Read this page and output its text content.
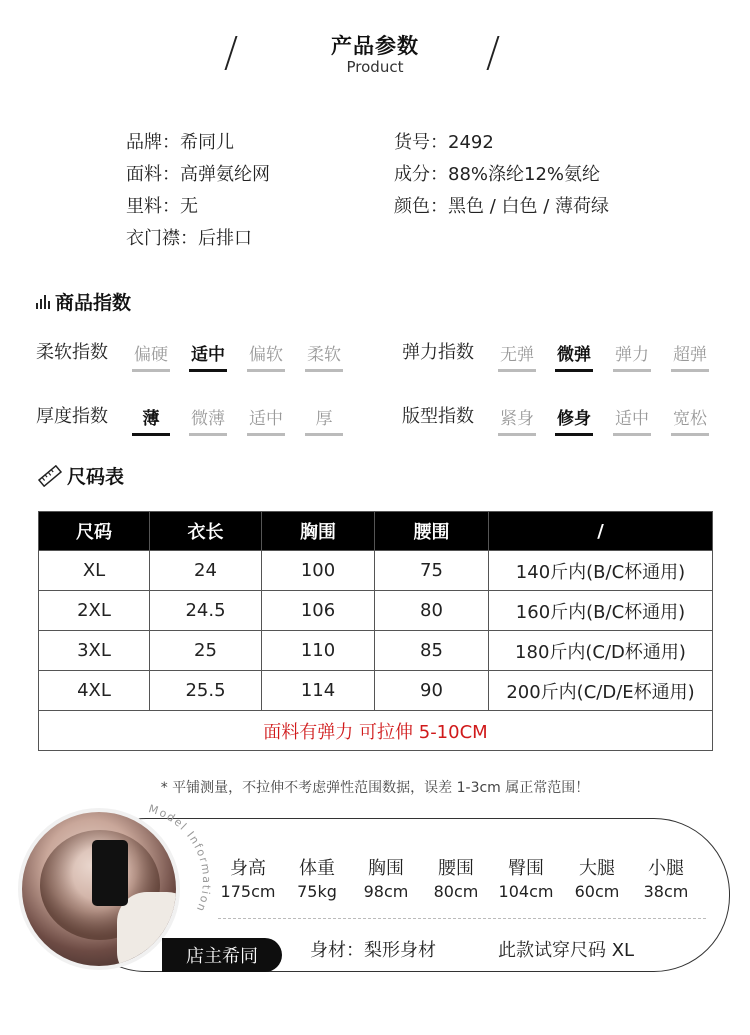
产品参数
Product
品牌：希同儿
面料：高弹氨纶网
里料：无
衣门襟：后排口
货号：2492
成分：88%涤纶12%氨纶
颜色：黑色 / 白色 / 薄荷绿
商品指数
柔软指数 偏硬 适中 偏软 柔软	弹力指数 无弹 微弹 弹力 超弹
厚度指数	薄	微薄 适中	厚	版型指数 紧身 修身 适中 宽松
尺码表
尺码	衣长	胸围	腰围	/
XL	24	100	75	140斤内(B/C杯通用)
2XL	24.5	106	80	160斤内(B/C杯通用)
3XL	25	110	85	180斤内(C/D杯通用)
4XL	25.5	114	90	200斤内(C/D/E杯通用)
面料有弹力 可拉伸 5-10CM				
* 平铺测量，不拉伸不考虑弹性范围数据，误差 1-3cm 属正常范围！
Model Information
身高
175cm
体重
75kg
胸围
98cm
腰围
80cm
臀围
104cm
大腿
60cm
小腿
38cm
店主希同	身材：梨形身材	此款试穿尺码 XL
